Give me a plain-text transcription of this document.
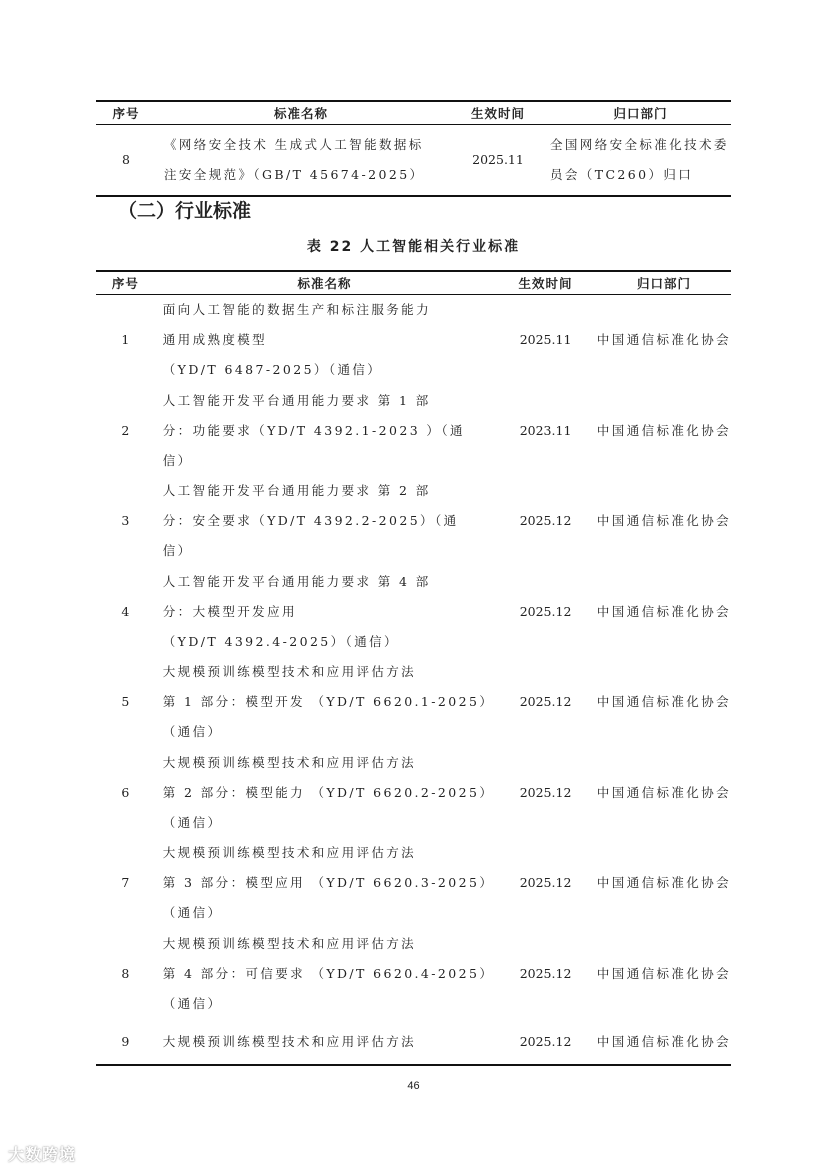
序号	标准名称	生效时间	归口部门
8	《网络安全技术 生成式人工智能数据标
注安全规范》（GB/T 45674-2025）	2025.11	全国网络安全标准化技术委
员会（TC260）归口
（二）行业标准
表 22 人工智能相关行业标准
序号	标准名称	生效时间	归口部门
1	面向人工智能的数据生产和标注服务能力
通用成熟度模型
（YD/T 6487-2025）（通信）	2025.11	中国通信标准化协会

2	人工智能开发平台通用能力要求 第 1 部
分：功能要求（YD/T 4392.1-2023 ）（通
信）	2023.11	中国通信标准化协会

3	人工智能开发平台通用能力要求 第 2 部
分：安全要求（YD/T 4392.2-2025）（通
信）	2025.12	中国通信标准化协会

4	人工智能开发平台通用能力要求 第 4 部
分：大模型开发应用
（YD/T 4392.4-2025）（通信）	2025.12	中国通信标准化协会

5	大规模预训练模型技术和应用评估方法
第 1 部分：模型开发 （YD/T 6620.1-2025）
（通信）	2025.12	中国通信标准化协会

6	大规模预训练模型技术和应用评估方法
第 2 部分：模型能力 （YD/T 6620.2-2025）
（通信）	2025.12	中国通信标准化协会

7	大规模预训练模型技术和应用评估方法
第 3 部分：模型应用 （YD/T 6620.3-2025）
（通信）	2025.12	中国通信标准化协会

8	大规模预训练模型技术和应用评估方法
第 4 部分：可信要求 （YD/T 6620.4-2025）
（通信）	2025.12	中国通信标准化协会

9	大规模预训练模型技术和应用评估方法	2025.12	中国通信标准化协会
46
大数跨境
